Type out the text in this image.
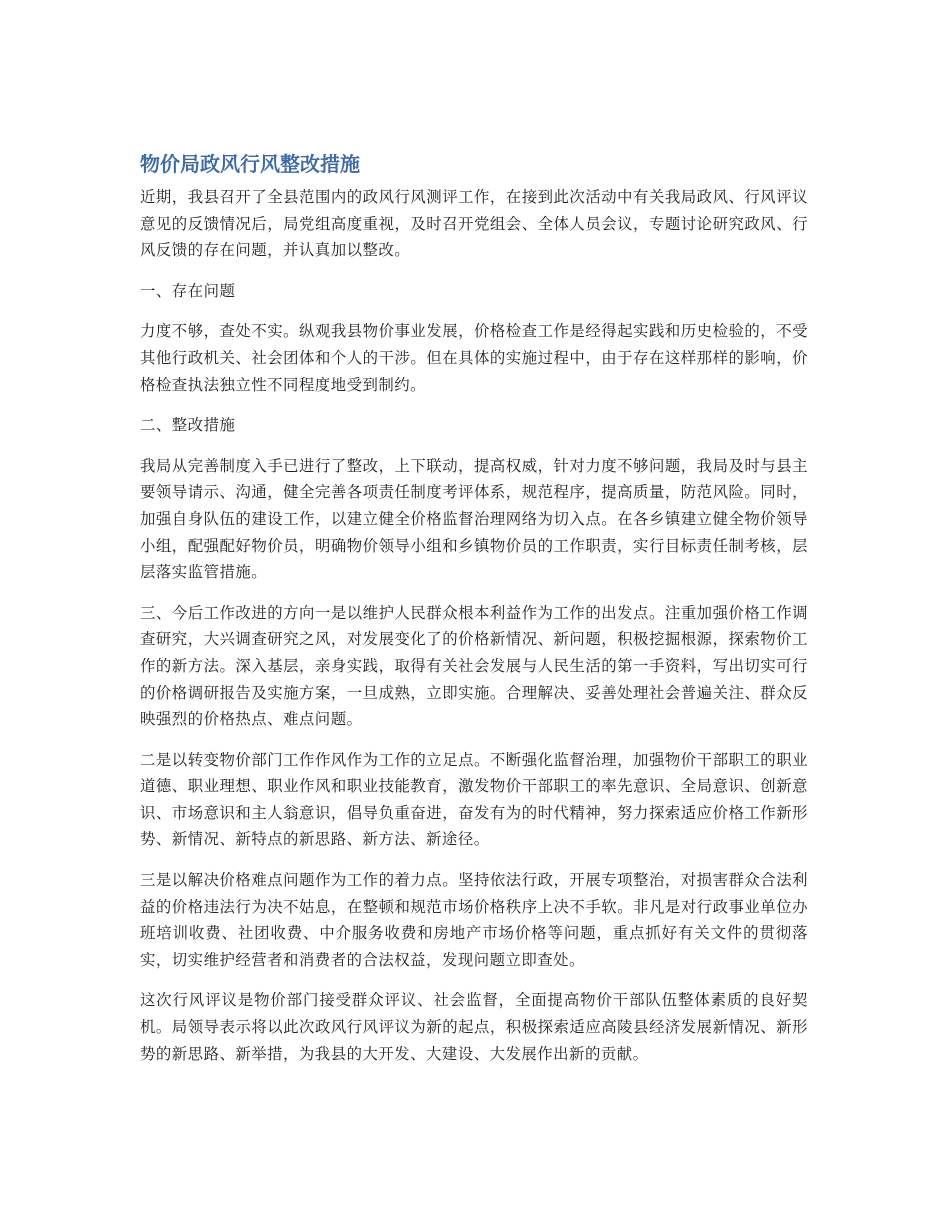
物价局政风行风整改措施

近期，我县召开了全县范围内的政风行风测评工作，在接到此次活动中有关我局政风、行风评议意见的反馈情况后，局党组高度重视，及时召开党组会、全体人员会议，专题讨论研究政风、行风反馈的存在问题，并认真加以整改。

一、存在问题

力度不够，查处不实。纵观我县物价事业发展，价格检查工作是经得起实践和历史检验的，不受其他行政机关、社会团体和个人的干涉。但在具体的实施过程中，由于存在这样那样的影响，价格检查执法独立性不同程度地受到制约。

二、整改措施

我局从完善制度入手已进行了整改，上下联动，提高权威，针对力度不够问题，我局及时与县主要领导请示、沟通，健全完善各项责任制度考评体系，规范程序，提高质量，防范风险。同时，加强自身队伍的建设工作，以建立健全价格监督治理网络为切入点。在各乡镇建立健全物价领导小组，配强配好物价员，明确物价领导小组和乡镇物价员的工作职责，实行目标责任制考核，层层落实监管措施。

三、今后工作改进的方向一是以维护人民群众根本利益作为工作的出发点。注重加强价格工作调查研究，大兴调查研究之风，对发展变化了的价格新情况、新问题，积极挖掘根源，探索物价工作的新方法。深入基层，亲身实践，取得有关社会发展与人民生活的第一手资料，写出切实可行的价格调研报告及实施方案，一旦成熟，立即实施。合理解决、妥善处理社会普遍关注、群众反映强烈的价格热点、难点问题。

二是以转变物价部门工作作风作为工作的立足点。不断强化监督治理，加强物价干部职工的职业道德、职业理想、职业作风和职业技能教育，激发物价干部职工的率先意识、全局意识、创新意识、市场意识和主人翁意识，倡导负重奋进，奋发有为的时代精神，努力探索适应价格工作新形势、新情况、新特点的新思路、新方法、新途径。

三是以解决价格难点问题作为工作的着力点。坚持依法行政，开展专项整治，对损害群众合法利益的价格违法行为决不姑息，在整顿和规范市场价格秩序上决不手软。非凡是对行政事业单位办班培训收费、社团收费、中介服务收费和房地产市场价格等问题，重点抓好有关文件的贯彻落实，切实维护经营者和消费者的合法权益，发现问题立即查处。

这次行风评议是物价部门接受群众评议、社会监督，全面提高物价干部队伍整体素质的良好契机。局领导表示将以此次政风行风评议为新的起点，积极探索适应高陵县经济发展新情况、新形势的新思路、新举措，为我县的大开发、大建设、大发展作出新的贡献。
